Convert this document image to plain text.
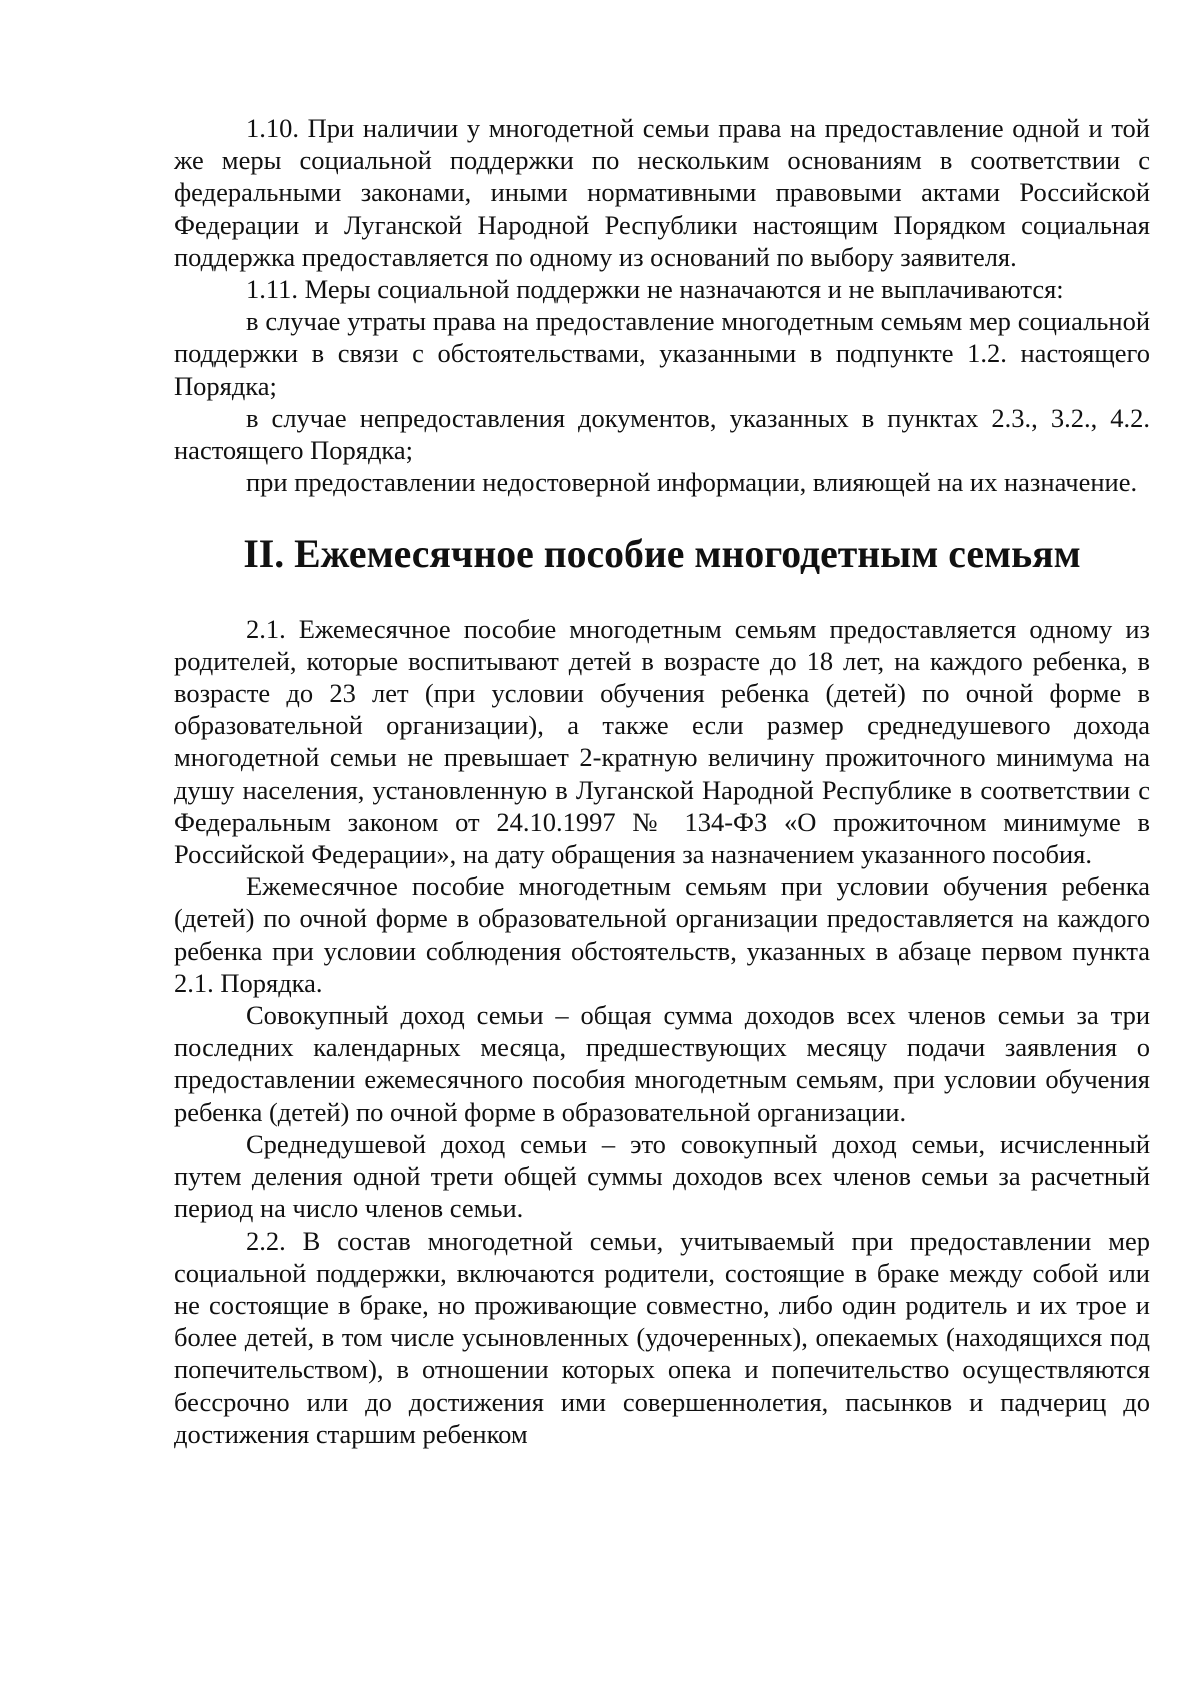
1.10. При наличии у многодетной семьи права на предоставление одной и той же меры социальной поддержки по нескольким основаниям в соответствии с федеральными законами, иными нормативными правовыми актами Российской Федерации и Луганской Народной Республики настоящим Порядком социальная поддержка предоставляется по одному из оснований по выбору заявителя.

1.11. Меры социальной поддержки не назначаются и не выплачиваются:

в случае утраты права на предоставление многодетным семьям мер социальной поддержки в связи с обстоятельствами, указанными в подпункте 1.2. настоящего Порядка;

в случае непредоставления документов, указанных в пунктах 2.3., 3.2., 4.2. настоящего Порядка;

при предоставлении недостоверной информации, влияющей на их назначение.

II. Ежемесячное пособие многодетным семьям

2.1. Ежемесячное пособие многодетным семьям предоставляется одному из родителей, которые воспитывают детей в возрасте до 18 лет, на каждого ребенка, в возрасте до 23 лет (при условии обучения ребенка (детей) по очной форме в образовательной организации), а также если размер среднедушевого дохода многодетной семьи не превышает 2-кратную величину прожиточного минимума на душу населения, установленную в Луганской Народной Республике в соответствии с Федеральным законом от 24.10.1997 № 134-ФЗ «О прожиточном минимуме в Российской Федерации», на дату обращения за назначением указанного пособия.

Ежемесячное пособие многодетным семьям при условии обучения ребенка (детей) по очной форме в образовательной организации предоставляется на каждого ребенка при условии соблюдения обстоятельств, указанных в абзаце первом пункта 2.1. Порядка.

Совокупный доход семьи – общая сумма доходов всех членов семьи за три последних календарных месяца, предшествующих месяцу подачи заявления о предоставлении ежемесячного пособия многодетным семьям, при условии обучения ребенка (детей) по очной форме в образовательной организации.

Среднедушевой доход семьи – это совокупный доход семьи, исчисленный путем деления одной трети общей суммы доходов всех членов семьи за расчетный период на число членов семьи.

2.2. В состав многодетной семьи, учитываемый при предоставлении мер социальной поддержки, включаются родители, состоящие в браке между собой или не состоящие в браке, но проживающие совместно, либо один родитель и их трое и более детей, в том числе усыновленных (удочеренных), опекаемых (находящихся под попечительством), в отношении которых опека и попечительство осуществляются бессрочно или до достижения ими совершеннолетия, пасынков и падчериц до достижения старшим ребенком
